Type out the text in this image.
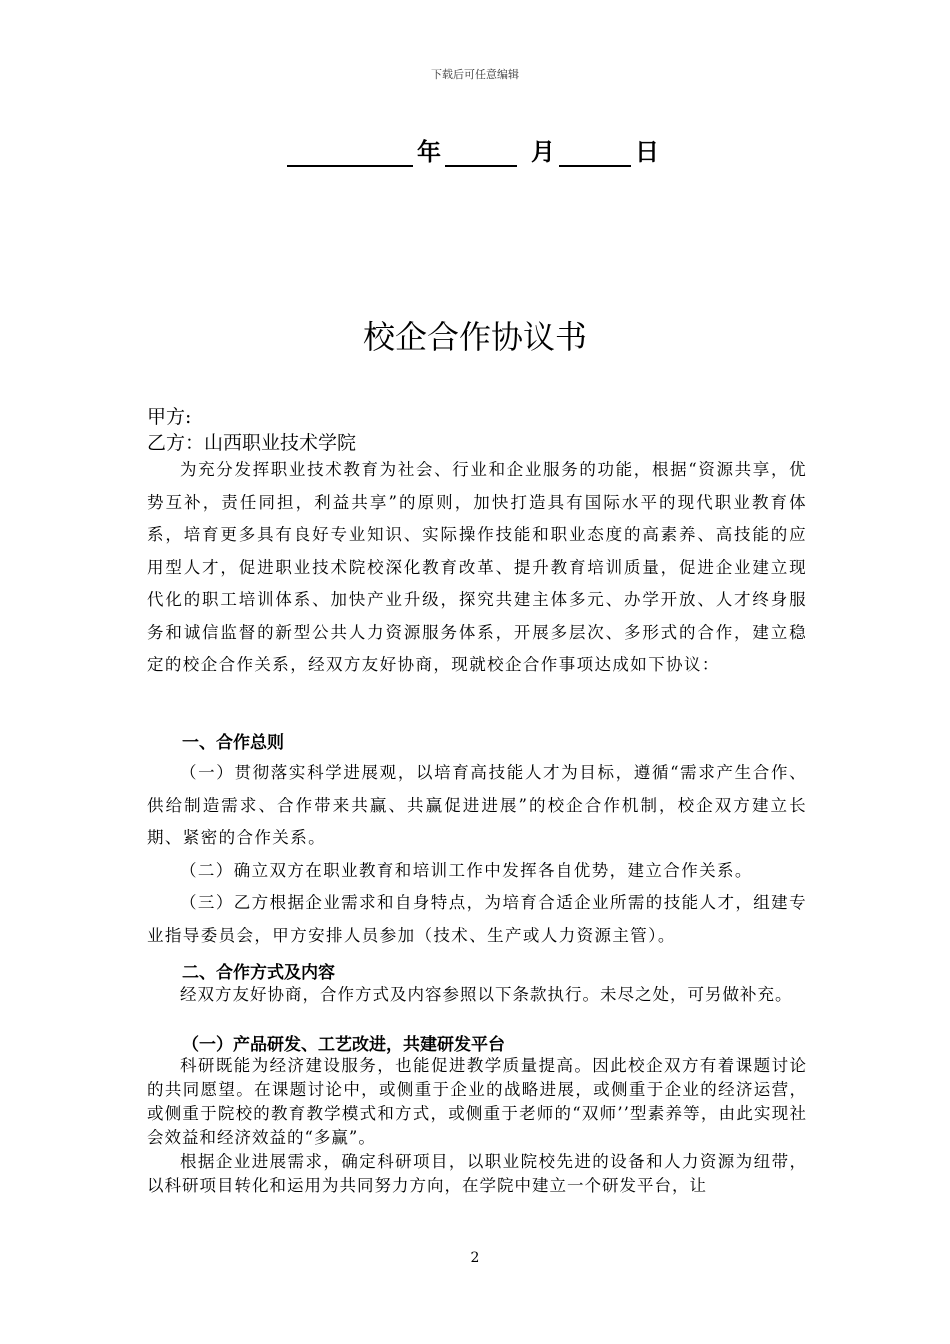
下载后可任意编辑
年	月	日
校企合作协议书
甲方:
乙方：山西职业技术学院

为充分发挥职业技术教育为社会、行业和企业服务的功能，根据“资源共享，优势互补，责任同担，利益共享”的原则，加快打造具有国际水平的现代职业教育体系，培育更多具有良好专业知识、实际操作技能和职业态度的高素养、高技能的应用型人才，促进职业技术院校深化教育改革、提升教育培训质量，促进企业建立现代化的职工培训体系、加快产业升级，探究共建主体多元、办学开放、人才终身服务和诚信监督的新型公共人力资源服务体系，开展多层次、多形式的合作，建立稳定的校企合作关系，经双方友好协商，现就校企合作事项达成如下协议：

一、合作总则

（一）贯彻落实科学进展观，以培育高技能人才为目标，遵循“需求产生合作、供给制造需求、合作带来共赢、共赢促进进展”的校企合作机制，校企双方建立长期、紧密的合作关系。

（二）确立双方在职业教育和培训工作中发挥各自优势，建立合作关系。

（三）乙方根据企业需求和自身特点，为培育合适企业所需的技能人才，组建专业指导委员会，甲方安排人员参加（技术、生产或人力资源主管）。

二、合作方式及内容

经双方友好协商，合作方式及内容参照以下条款执行。未尽之处，可另做补充。

（一）产品研发、工艺改进，共建研发平台

科研既能为经济建设服务，也能促进教学质量提高。因此校企双方有着课题讨论的共同愿望。在课题讨论中，或侧重于企业的战略进展，或侧重于企业的经济运营，或侧重于院校的教育教学模式和方式，或侧重于老师的“双师’’型素养等，由此实现社会效益和经济效益的“多赢”。

根据企业进展需求，确定科研项目，以职业院校先进的设备和人力资源为纽带，以科研项目转化和运用为共同努力方向，在学院中建立一个研发平台，让

2
